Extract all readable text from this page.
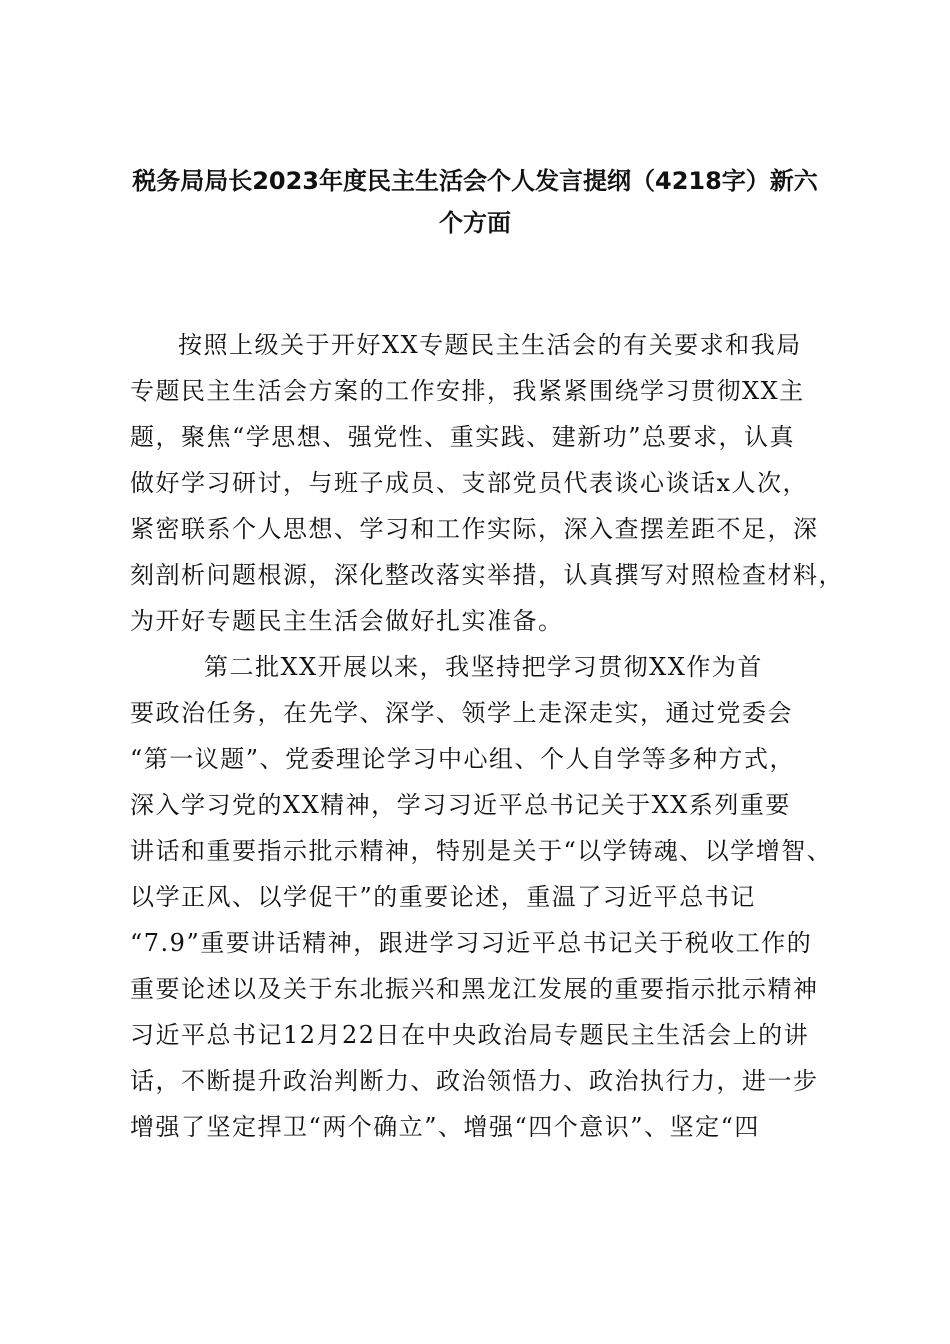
税务局局长2023年度民主生活会个人发言提纲（4218字）新六
个方面
按照上级关于开好XX专题民主生活会的有关要求和我局
专题民主生活会方案的工作安排，我紧紧围绕学习贯彻XX主
题，聚焦“学思想、强党性、重实践、建新功”总要求，认真
做好学习研讨，与班子成员、支部党员代表谈心谈话x人次，
紧密联系个人思想、学习和工作实际，深入查摆差距不足，深
刻剖析问题根源，深化整改落实举措，认真撰写对照检查材料，
为开好专题民主生活会做好扎实准备。
第二批XX开展以来，我坚持把学习贯彻XX作为首
要政治任务，在先学、深学、领学上走深走实，通过党委会
“第一议题”、党委理论学习中心组、个人自学等多种方式，
深入学习党的XX精神，学习习近平总书记关于XX系列重要
讲话和重要指示批示精神，特别是关于“以学铸魂、以学增智、
以学正风、以学促干”的重要论述，重温了习近平总书记
“7.9”重要讲话精神，跟进学习习近平总书记关于税收工作的
重要论述以及关于东北振兴和黑龙江发展的重要指示批示精神
习近平总书记12月22日在中央政治局专题民主生活会上的讲
话，不断提升政治判断力、政治领悟力、政治执行力，进一步
增强了坚定捍卫“两个确立”、增强“四个意识”、坚定“四
